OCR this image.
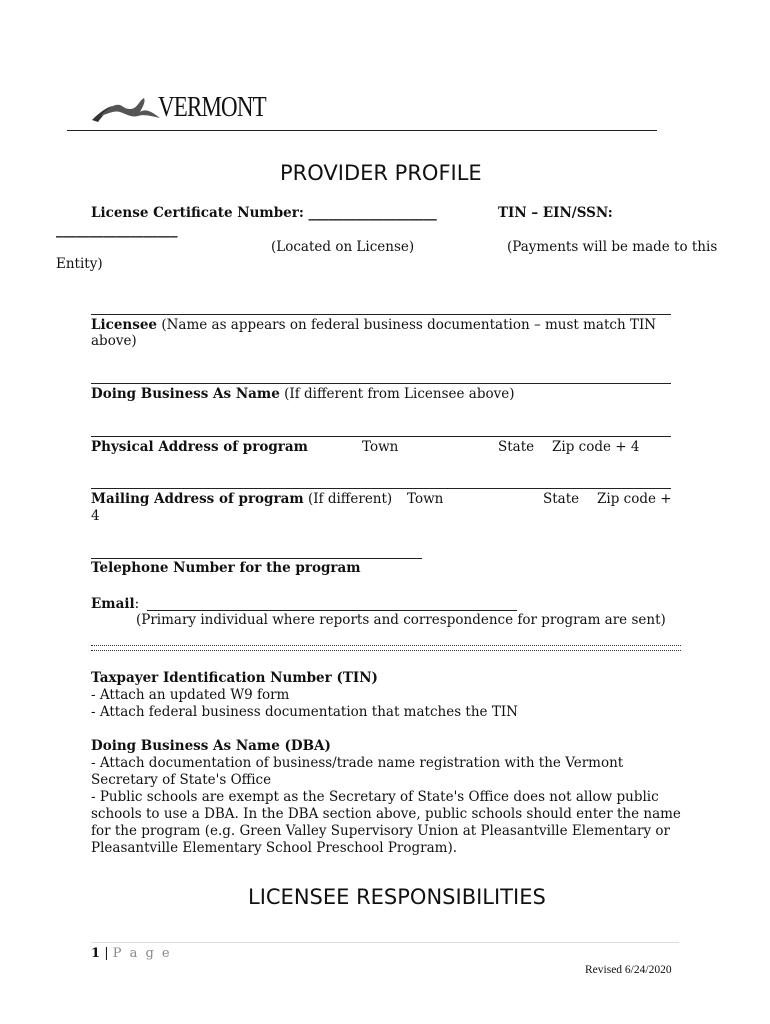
VERMONT
PROVIDER PROFILE
License Certificate Number: ___________________	TIN – EIN/SSN:
__________________
(Located on License)	(Payments will be made to this
Entity)
Licensee (Name as appears on federal business documentation – must match TIN
above)
Doing Business As Name (If different from Licensee above)
Physical Address of program	Town	State Zip code + 4
Mailing Address of program (If different) Town	State Zip code +
4
Telephone Number for the program
Email:
(Primary individual where reports and correspondence for program are sent)
Taxpayer Identification Number (TIN)
- Attach an updated W9 form
- Attach federal business documentation that matches the TIN
Doing Business As Name (DBA)
- Attach documentation of business/trade name registration with the Vermont Secretary of State's Office
- Public schools are exempt as the Secretary of State's Office does not allow public schools to use a DBA. In the DBA section above, public schools should enter the name for the program (e.g. Green Valley Supervisory Union at Pleasantville Elementary or Pleasantville Elementary School Preschool Program).
LICENSEE RESPONSIBILITIES
1 | P a g e
Revised 6/24/2020
